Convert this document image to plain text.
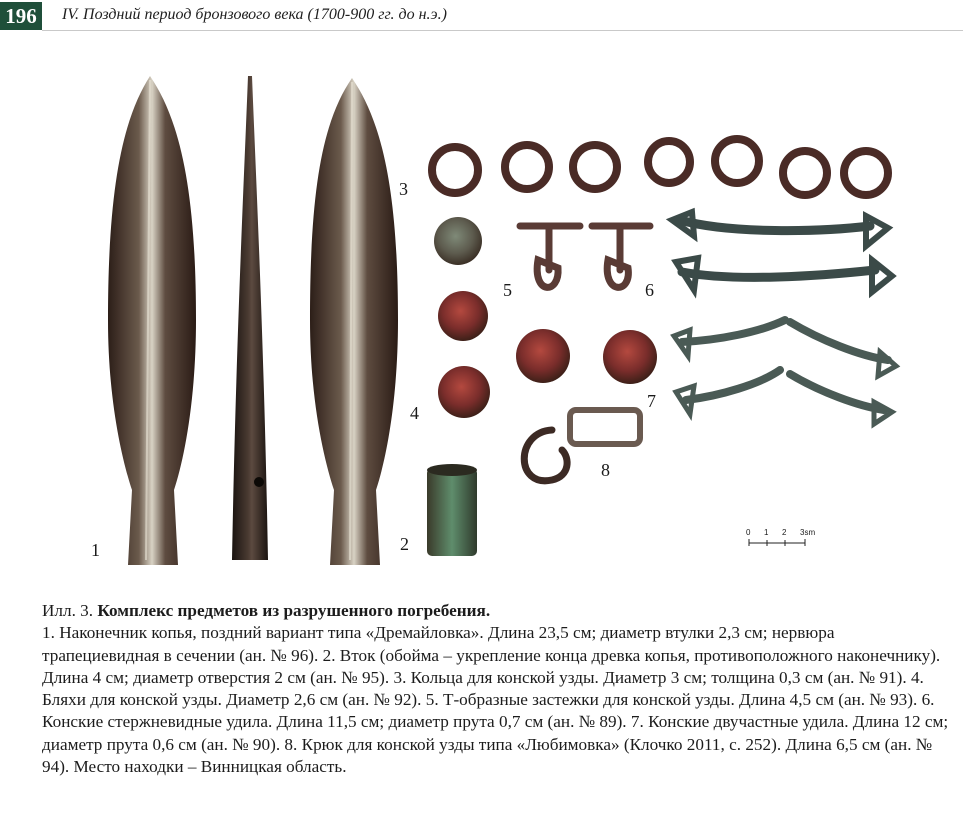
196	IV. Поздний период бронзового века (1700-900 гг. до н.э.)
1	2
3
4
5	6
7
8
0 1 2 3sm

Илл. 3. Комплекс предметов из разрушенного погребения.

1. Наконечник копья, поздний вариант типа «Дремайловка». Длина 23,5 см; диаметр втулки 2,3 см; нервюра трапециевидная в сечении (ан. № 96). 2. Вток (обойма – укрепление конца древка копья, противоположного наконечнику). Длина 4 см; диаметр отверстия 2 см (ан. № 95). 3. Кольца для конской узды. Диаметр 3 см; толщина 0,3 см (ан. № 91). 4. Бляхи для конской узды. Диаметр 2,6 см (ан. № 92). 5. Т-образные застежки для конской узды. Длина 4,5 см (ан. № 93). 6. Конские стержневидные удила. Длина 11,5 см; диаметр прута 0,7 см (ан. № 89). 7. Конские двучастные удила. Длина 12 см; диаметр прута 0,6 см (ан. № 90). 8. Крюк для конской узды типа «Любимовка» (Клочко 2011, с. 252). Длина 6,5 см (ан. № 94). Место находки – Винницкая область.
